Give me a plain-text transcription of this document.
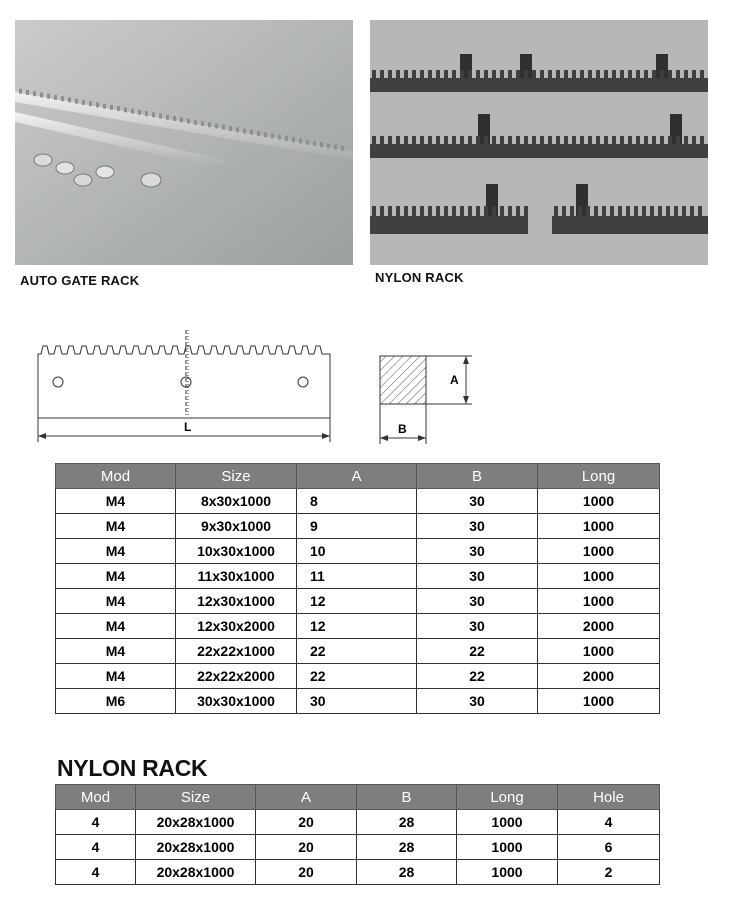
AUTO GATE RACK	NYLON RACK
L
A
B
Mod	Size	A	B	Long
M4	8x30x1000	8	30	1000
M4	9x30x1000	9	30	1000
M4	10x30x1000	10	30	1000
M4	11x30x1000	11	30	1000
M4	12x30x1000	12	30	1000
M4	12x30x2000	12	30	2000
M4	22x22x1000	22	22	1000
M4	22x22x2000	22	22	2000
M6	30x30x1000	30	30	1000
NYLON RACK
Mod	Size	A	B	Long	Hole
4	20x28x1000	20	28	1000	4
4	20x28x1000	20	28	1000	6
4	20x28x1000	20	28	1000	2
